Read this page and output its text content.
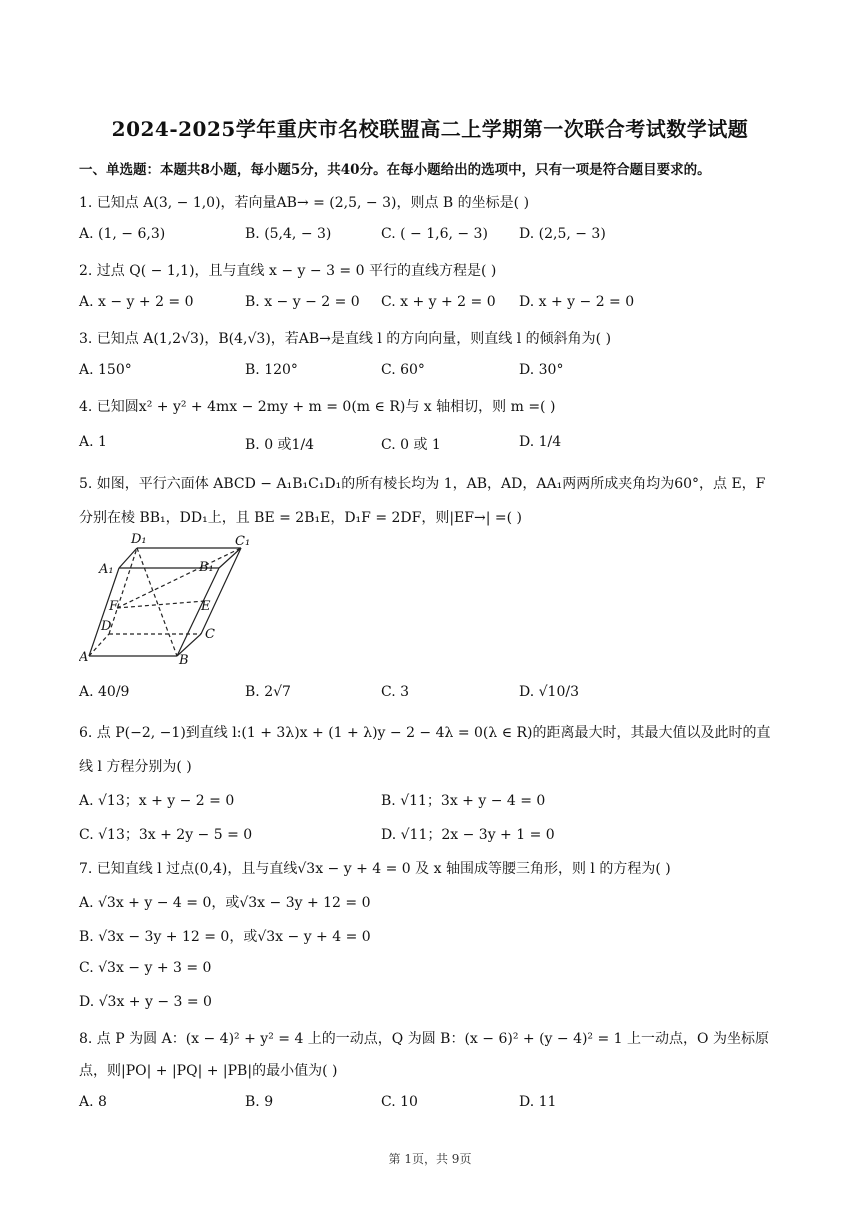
2024-2025学年重庆市名校联盟高二上学期第一次联合考试数学试题
一、单选题：本题共8小题，每小题5分，共40分。在每小题给出的选项中，只有一项是符合题目要求的。
1. 已知点 A(3, − 1,0)，若向量AB→ = (2,5, − 3)，则点 B 的坐标是( )
A. (1, − 6,3)	B. (5,4, − 3)	C. ( − 1,6, − 3) D. (2,5, − 3)
2. 过点 Q( − 1,1)，且与直线 x − y − 3 = 0 平行的直线方程是( )
A. x − y + 2 = 0	B. x − y − 2 = 0 C. x + y + 2 = 0 D. x + y − 2 = 0
3. 已知点 A(1,2√3)，B(4,√3)，若AB→是直线 l 的方向向量，则直线 l 的倾斜角为( )
A. 150°	B. 120°	C. 60°	D. 30°
4. 已知圆x² + y² + 4mx − 2my + m = 0(m ∈ R)与 x 轴相切，则 m =( )
A. 1	B. 0 或1/4	C. 0 或 1	D. 1/4
5. 如图，平行六面体 ABCD − A₁B₁C₁D₁的所有棱长均为 1，AB，AD，AA₁两两所成夹角均为60°，点 E，F
分别在棱 BB₁，DD₁上，且 BE = 2B₁E，D₁F = 2DF，则|EF→| =( )
D₁	C₁
A₁	B₁
F	E
D
C
A	B
A. 40/9	B. 2√7	C. 3	D. √10/3
6. 点 P(−2, −1)到直线 l:(1 + 3λ)x + (1 + λ)y − 2 − 4λ = 0(λ ∈ R)的距离最大时，其最大值以及此时的直
线 l 方程分别为( )
A. √13；x + y − 2 = 0	B. √11；3x + y − 4 = 0
C. √13；3x + 2y − 5 = 0	D. √11；2x − 3y + 1 = 0
7. 已知直线 l 过点(0,4)，且与直线√3x − y + 4 = 0 及 x 轴围成等腰三角形，则 l 的方程为( )
A. √3x + y − 4 = 0，或√3x − 3y + 12 = 0
B. √3x − 3y + 12 = 0，或√3x − y + 4 = 0
C. √3x − y + 3 = 0
D. √3x + y − 3 = 0
8. 点 P 为圆 A：(x − 4)² + y² = 4 上的一动点，Q 为圆 B：(x − 6)² + (y − 4)² = 1 上一动点，O 为坐标原
点，则|PO| + |PQ| + |PB|的最小值为( )
A. 8	B. 9	C. 10	D. 11
第 1页，共 9页
